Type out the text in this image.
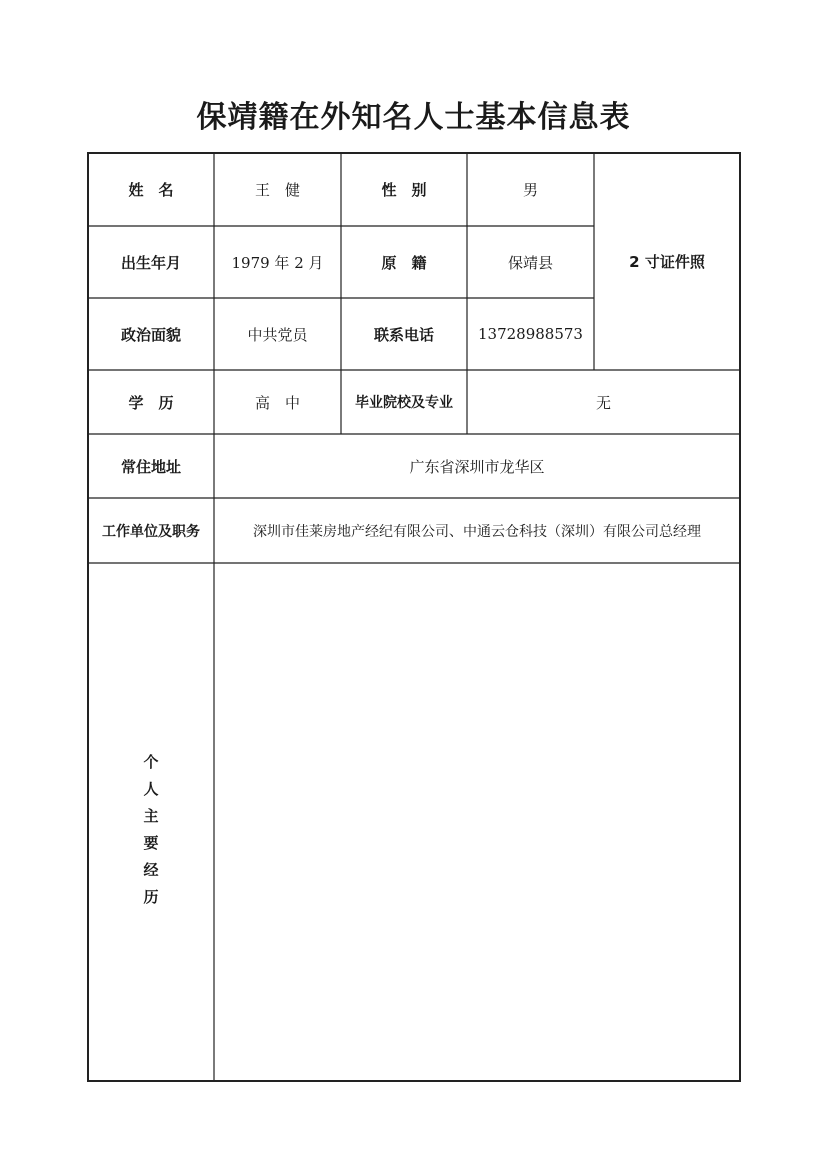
保靖籍在外知名人士基本信息表
姓　名	王　健	性　别	男
2 寸证件照
出生年月	1979 年 2 月	原　籍	保靖县
政治面貌	中共党员	联系电话	13728988573
学　历	高　中	毕业院校及专业	无
常住地址	广东省深圳市龙华区
工作单位及职务	深圳市佳莱房地产经纪有限公司、中通云仓科技（深圳）有限公司总经理
个
人
主
要
经
历
